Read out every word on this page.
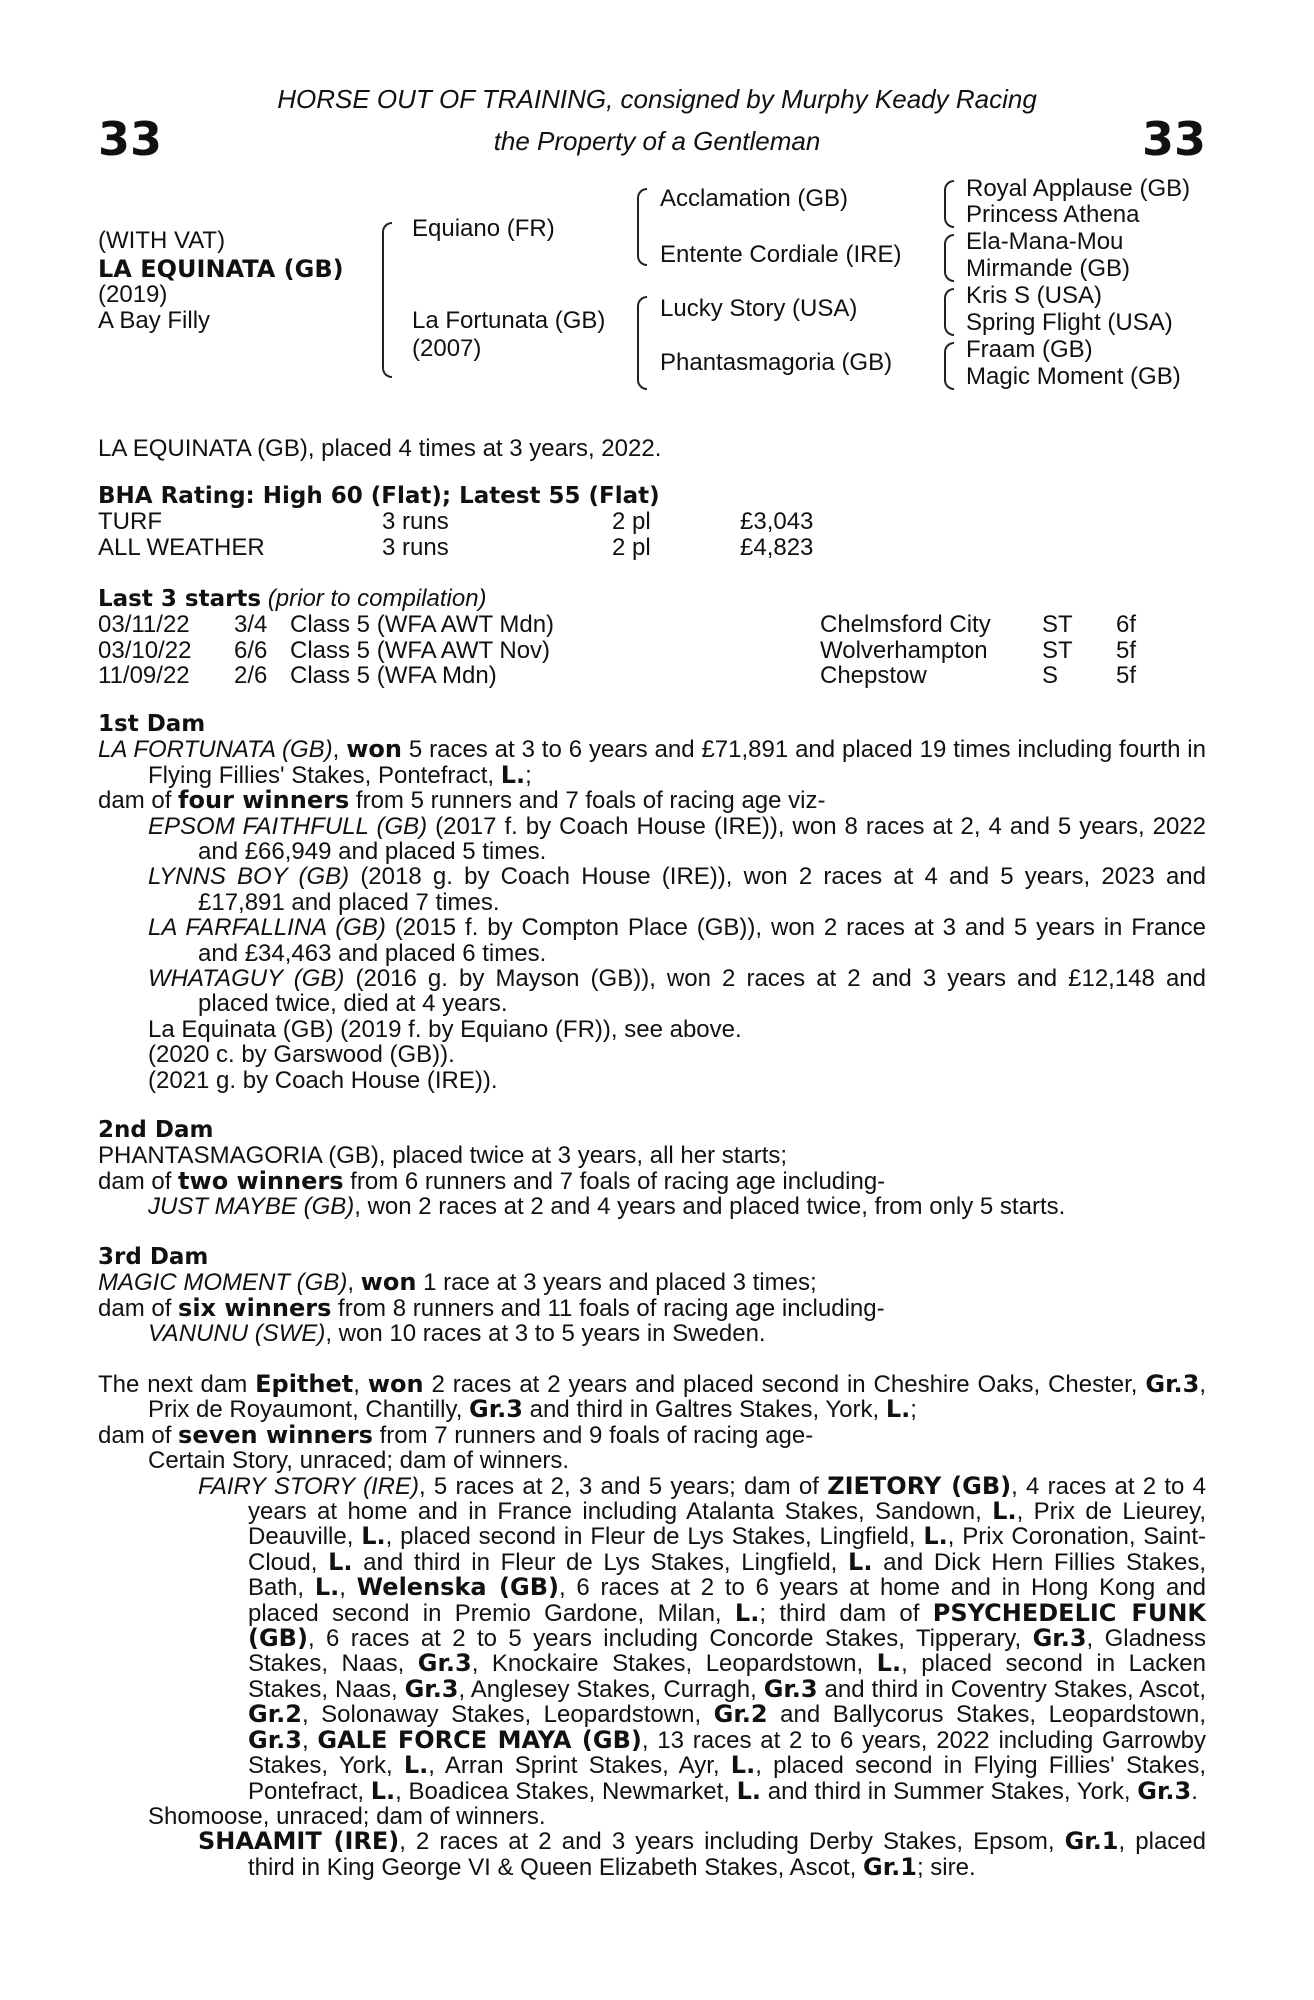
33	33
HORSE OUT OF TRAINING, consigned by Murphy Keady Racing
the Property of a Gentleman
(WITH VAT)
LA EQUINATA (GB)
(2019)
A Bay Filly
Equiano (FR)
La Fortunata (GB)
(2007)
Acclamation (GB)
Entente Cordiale (IRE)
Lucky Story (USA)
Phantasmagoria (GB)
Royal Applause (GB)
Princess Athena
Ela-Mana-Mou
Mirmande (GB)
Kris S (USA)
Spring Flight (USA)
Fraam (GB)
Magic Moment (GB)
LA EQUINATA (GB), placed 4 times at 3 years, 2022.
BHA Rating: High 60 (Flat); Latest 55 (Flat)
TURF	3 runs	2 pl	£3,043
ALL WEATHER	3 runs	2 pl	£4,823
Last 3 starts (prior to compilation)
03/11/22 3/4 Class 5 (WFA AWT Mdn)	Chelmsford City ST 6f
03/10/22 6/6 Class 5 (WFA AWT Nov)	Wolverhampton ST 5f
11/09/22 2/6 Class 5 (WFA Mdn)	Chepstow	S 5f
1st Dam

LA FORTUNATA (GB), won 5 races at 3 to 6 years and £71,891 and placed 19 times including fourth in Flying Fillies' Stakes, Pontefract, L.;

dam of four winners from 5 runners and 7 foals of racing age viz-

EPSOM FAITHFULL (GB) (2017 f. by Coach House (IRE)), won 8 races at 2, 4 and 5 years, 2022 and £66,949 and placed 5 times.

LYNNS BOY (GB) (2018 g. by Coach House (IRE)), won 2 races at 4 and 5 years, 2023 and £17,891 and placed 7 times.

LA FARFALLINA (GB) (2015 f. by Compton Place (GB)), won 2 races at 3 and 5 years in France and £34,463 and placed 6 times.

WHATAGUY (GB) (2016 g. by Mayson (GB)), won 2 races at 2 and 3 years and £12,148 and placed twice, died at 4 years.

La Equinata (GB) (2019 f. by Equiano (FR)), see above.

(2020 c. by Garswood (GB)).

(2021 g. by Coach House (IRE)).

2nd Dam

PHANTASMAGORIA (GB), placed twice at 3 years, all her starts;

dam of two winners from 6 runners and 7 foals of racing age including-

JUST MAYBE (GB), won 2 races at 2 and 4 years and placed twice, from only 5 starts.

3rd Dam

MAGIC MOMENT (GB), won 1 race at 3 years and placed 3 times;

dam of six winners from 8 runners and 11 foals of racing age including-

VANUNU (SWE), won 10 races at 3 to 5 years in Sweden.

The next dam Epithet, won 2 races at 2 years and placed second in Cheshire Oaks, Chester, Gr.3, Prix de Royaumont, Chantilly, Gr.3 and third in Galtres Stakes, York, L.;

dam of seven winners from 7 runners and 9 foals of racing age-

Certain Story, unraced; dam of winners.

FAIRY STORY (IRE), 5 races at 2, 3 and 5 years; dam of ZIETORY (GB), 4 races at 2 to 4 years at home and in France including Atalanta Stakes, Sandown, L., Prix de Lieurey, Deauville, L., placed second in Fleur de Lys Stakes, Lingfield, L., Prix Coronation, Saint-Cloud, L. and third in Fleur de Lys Stakes, Lingfield, L. and Dick Hern Fillies Stakes, Bath, L., Welenska (GB), 6 races at 2 to 6 years at home and in Hong Kong and placed second in Premio Gardone, Milan, L.; third dam of PSYCHEDELIC FUNK (GB), 6 races at 2 to 5 years including Concorde Stakes, Tipperary, Gr.3, Gladness Stakes, Naas, Gr.3, Knockaire Stakes, Leopardstown, L., placed second in Lacken Stakes, Naas, Gr.3, Anglesey Stakes, Curragh, Gr.3 and third in Coventry Stakes, Ascot, Gr.2, Solonaway Stakes, Leopardstown, Gr.2 and Ballycorus Stakes, Leopardstown, Gr.3, GALE FORCE MAYA (GB), 13 races at 2 to 6 years, 2022 including Garrowby Stakes, York, L., Arran Sprint Stakes, Ayr, L., placed second in Flying Fillies' Stakes, Pontefract, L., Boadicea Stakes, Newmarket, L. and third in Summer Stakes, York, Gr.3.

Shomoose, unraced; dam of winners.

SHAAMIT (IRE), 2 races at 2 and 3 years including Derby Stakes, Epsom, Gr.1, placed third in King George VI & Queen Elizabeth Stakes, Ascot, Gr.1; sire.
